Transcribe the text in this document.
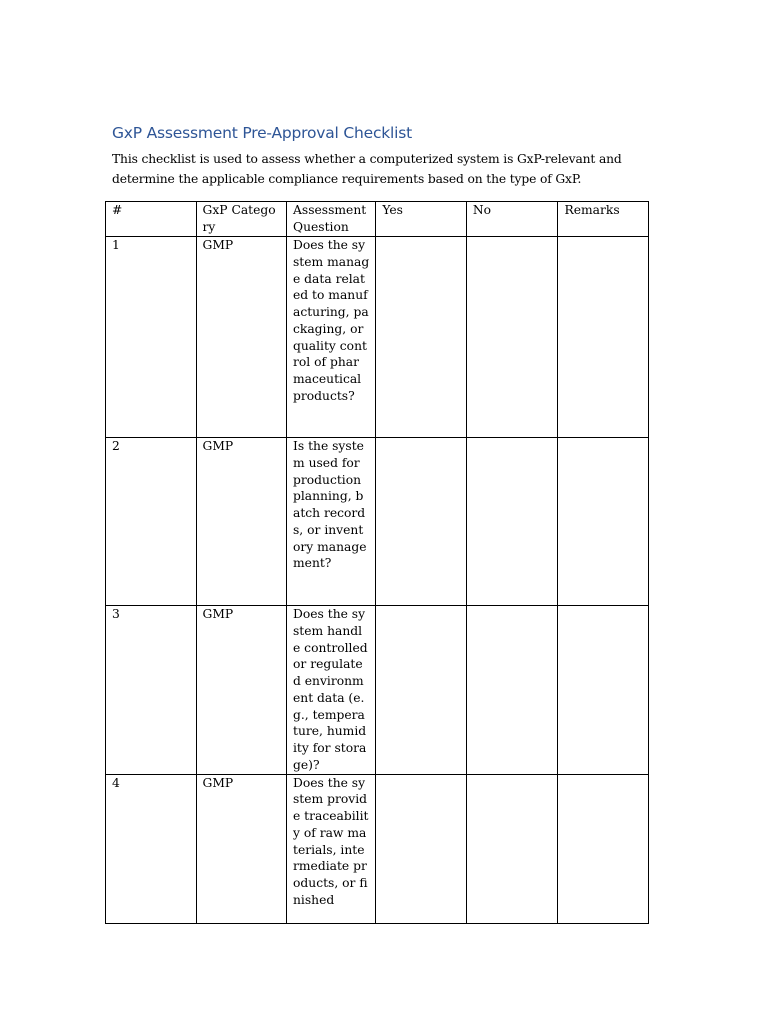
GxP Assessment Pre-Approval Checklist
This checklist is used to assess whether a computerized system is GxP-relevant and determine the applicable compliance requirements based on the type of GxP.
#	GxP Category	Assessment Question	Yes	No	Remarks
1	GMP	Does the system manage data related to manufacturing, packaging, or quality control of pharmaceutical products?			

2	GMP	Is the system used for production planning, batch records, or inventory management?			

3	GMP	Does the system handle controlled or regulated environment data (e.g., temperature, humidity for storage)?			

4	GMP	Does the system provide traceability of raw materials, intermediate products, or finished			
